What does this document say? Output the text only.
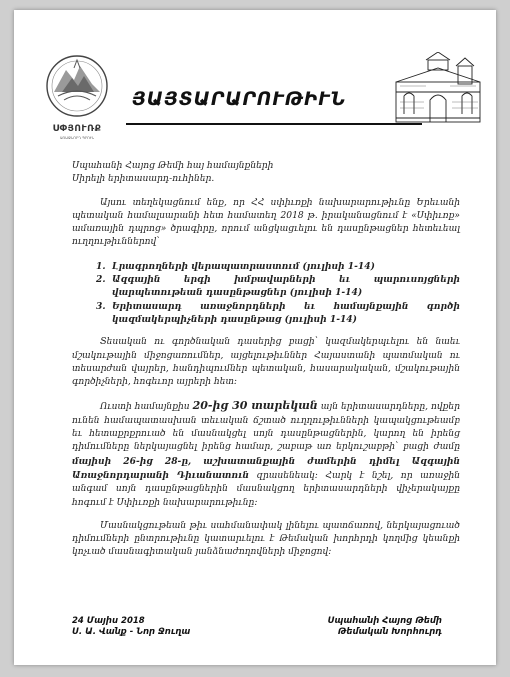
ՍՓՅՈՒՌՔ
ԱՌԱՋՆՈՐԴ ՊՐՈՒՆ
ՅԱՅՏԱՐԱՐՈՒԹԻՒՆ

Սպահանի Հայոց Թեմի հայ համայնքների

Սիրելի երիտասարդ-ուհիներ.

Այսու տեղեկացնում ենք, որ ՀՀ սփիւռքի նախարարութիւնը Երեւանի պետական համալսարանի հետ համատեղ 2018 թ. իրականացնում է «Սփիւռք» ամառային դպրոց» ծրագիրը, որում անցկացւելու են դասընթացներ հետեւեալ ուղղութիւններով՝

1. Լրագրողների վերապատրաստում (յուլիսի 1-14)
2. Ազգային երգի խմբավարների եւ պարուսոյցների վարպետութեան դասընթացներ (յուլիսի 1-14)
3. Երիտասարդ առաջնորդների եւ համայնքային գործի կազմակերպիչների դասընթաց (յուլիսի 1-14)

Տեսական ու գործնական դասերից բացի՝ կազմակերպւելու են նաեւ մշակութային միջոցառումներ, այցելութիւններ Հայաստանի պատմական ու տեսարժան վայրեր, հանդիպումներ պետական, հասարակական, մշակութային գործիչների, հոգեւոր այրերի հետ:

Ուստի համայնքիս 20-ից 30 տարեկան այն երիտասարդները, ովքեր ունեն համապատասխան տեւական ճշտած ուղղութիւնների կապակցութեամբ եւ հետաքրքրուած են մասնակցել սոյն դասընթացներին, կարող են իրենց դիմումները ներկայացնել իրենց համար, շաբաթ առ երկուշաբթի՝ բացի ժամը մայիսի 26-ից 28-ը, աշխատանքային ժամերին դիմել Ազգային Առաջնորդարանի Դիւանատուն զրասենեակ: Հարկ է նշել, որ առաջին անգամ սոյն դասընթացներին մասնակցող երիտասարդների վիչերակայքը հոգում է Սփիւռքի նախարարութիւնը:

Մասնակցութեան թիւ սահմանափակ լինելու պատճառով, ներկայացուած դիմումների ընտրութիւնը կատարւելու է Թեմական խորհրդի կողմից կեանքի կոչւած մասնագիտական յանձնաժողովների միջոցով:

24 Մայիս 2018
Ս. Ա. Վանք - Նոր Ջուղա
Սպահանի Հայոց Թեմի
Թեմական Խորհուրդ
